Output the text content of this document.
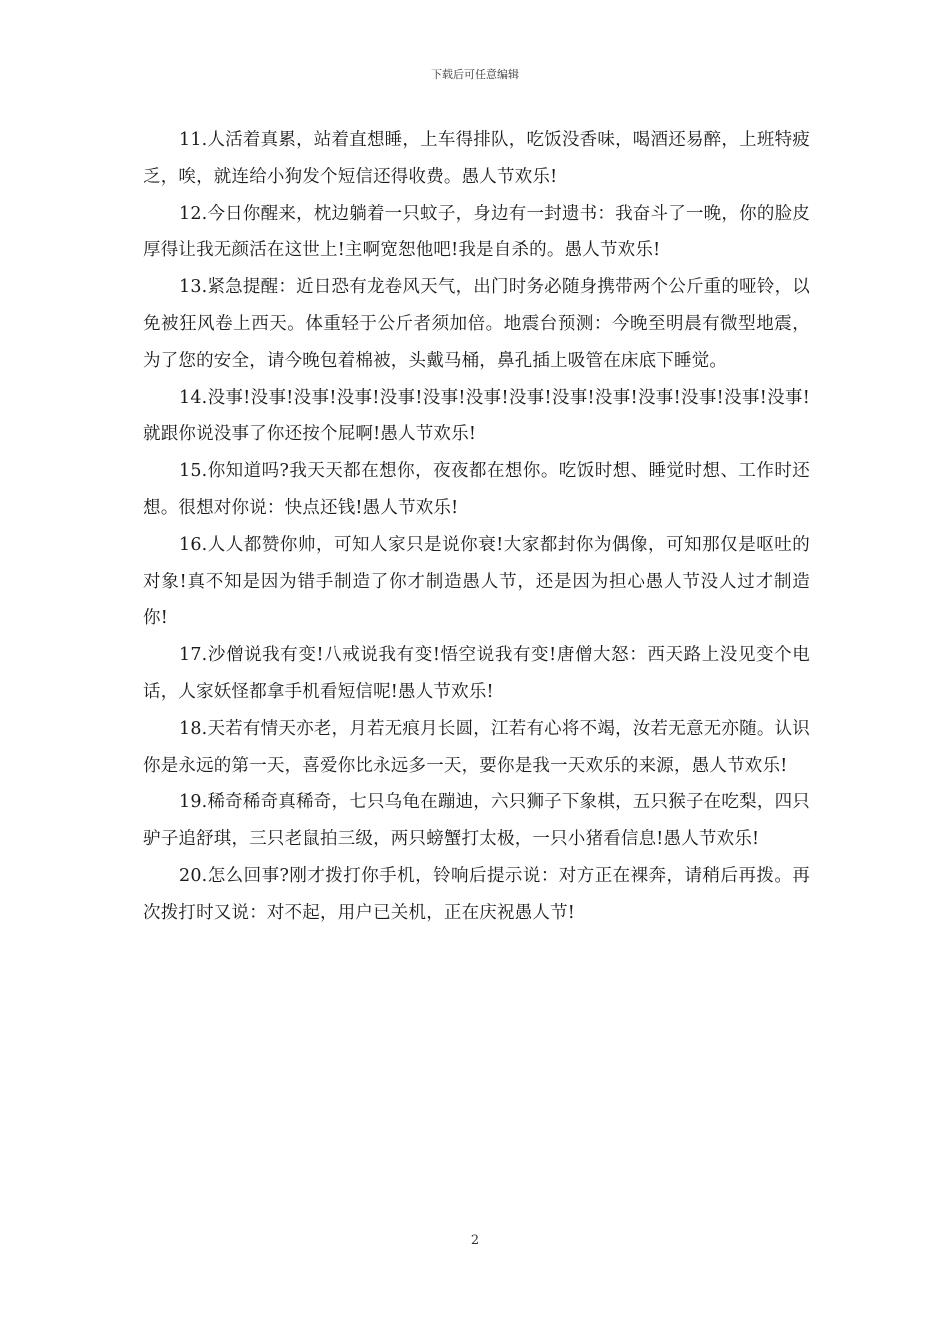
下载后可任意编辑

11.人活着真累，站着直想睡，上车得排队，吃饭没香味，喝酒还易醉，上班特疲乏，唉，就连给小狗发个短信还得收费。愚人节欢乐!

12.今日你醒来，枕边躺着一只蚊子，身边有一封遗书：我奋斗了一晚，你的脸皮厚得让我无颜活在这世上!主啊宽恕他吧!我是自杀的。愚人节欢乐!

13.紧急提醒：近日恐有龙卷风天气，出门时务必随身携带两个公斤重的哑铃，以免被狂风卷上西天。体重轻于公斤者须加倍。地震台预测：今晚至明晨有微型地震，为了您的安全，请今晚包着棉被，头戴马桶，鼻孔插上吸管在床底下睡觉。

14.没事!没事!没事!没事!没事!没事!没事!没事!没事!没事!没事!没事!没事!没事!就跟你说没事了你还按个屁啊!愚人节欢乐!

15.你知道吗?我天天都在想你，夜夜都在想你。吃饭时想、睡觉时想、工作时还想。很想对你说：快点还钱!愚人节欢乐!

16.人人都赞你帅，可知人家只是说你衰!大家都封你为偶像，可知那仅是呕吐的对象!真不知是因为错手制造了你才制造愚人节，还是因为担心愚人节没人过才制造你!

17.沙僧说我有变!八戒说我有变!悟空说我有变!唐僧大怒：西天路上没见变个电话，人家妖怪都拿手机看短信呢!愚人节欢乐!

18.天若有情天亦老，月若无痕月长圆，江若有心将不竭，汝若无意无亦随。认识你是永远的第一天，喜爱你比永远多一天，要你是我一天欢乐的来源，愚人节欢乐!

19.稀奇稀奇真稀奇，七只乌龟在蹦迪，六只狮子下象棋，五只猴子在吃梨，四只驴子追舒琪，三只老鼠拍三级，两只螃蟹打太极，一只小猪看信息!愚人节欢乐!

20.怎么回事?刚才拨打你手机，铃响后提示说：对方正在裸奔，请稍后再拨。再次拨打时又说：对不起，用户已关机，正在庆祝愚人节!

2
